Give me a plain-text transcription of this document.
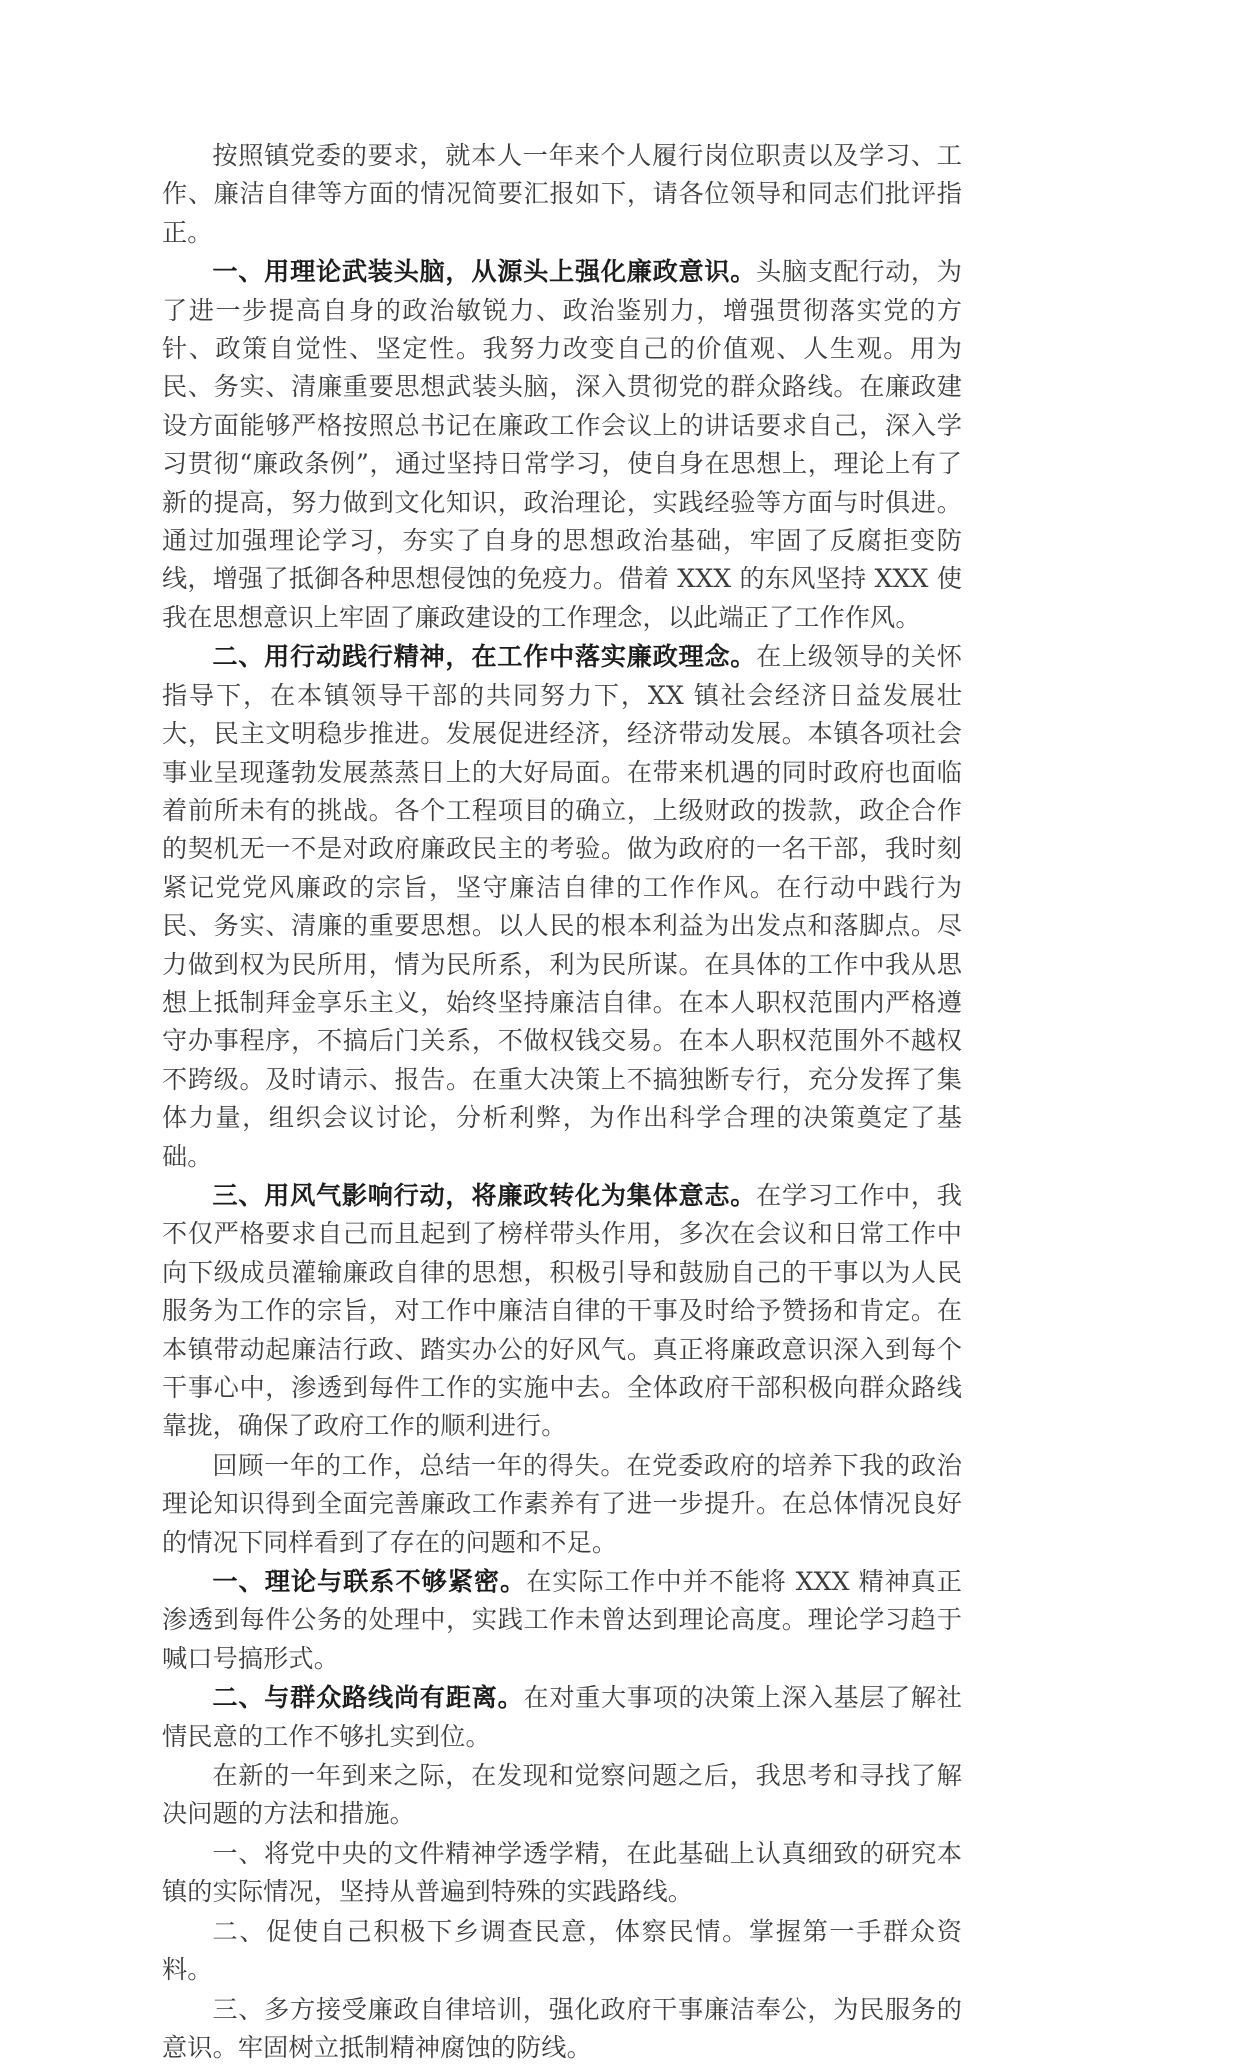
按照镇党委的要求，就本人一年来个人履行岗位职责以及学习、工作、廉洁自律等方面的情况简要汇报如下，请各位领导和同志们批评指正。

一、用理论武装头脑，从源头上强化廉政意识。头脑支配行动，为了进一步提高自身的政治敏锐力、政治鉴别力，增强贯彻落实党的方针、政策自觉性、坚定性。我努力改变自己的价值观、人生观。用为民、务实、清廉重要思想武装头脑，深入贯彻党的群众路线。在廉政建设方面能够严格按照总书记在廉政工作会议上的讲话要求自己，深入学习贯彻“廉政条例”，通过坚持日常学习，使自身在思想上，理论上有了新的提高，努力做到文化知识，政治理论，实践经验等方面与时俱进。通过加强理论学习，夯实了自身的思想政治基础，牢固了反腐拒变防线，增强了抵御各种思想侵蚀的免疫力。借着 XXX 的东风坚持 XXX 使我在思想意识上牢固了廉政建设的工作理念，以此端正了工作作风。

二、用行动践行精神，在工作中落实廉政理念。在上级领导的关怀指导下，在本镇领导干部的共同努力下，XX 镇社会经济日益发展壮大，民主文明稳步推进。发展促进经济，经济带动发展。本镇各项社会事业呈现蓬勃发展蒸蒸日上的大好局面。在带来机遇的同时政府也面临着前所未有的挑战。各个工程项目的确立，上级财政的拨款，政企合作的契机无一不是对政府廉政民主的考验。做为政府的一名干部，我时刻紧记党党风廉政的宗旨，坚守廉洁自律的工作作风。在行动中践行为民、务实、清廉的重要思想。以人民的根本利益为出发点和落脚点。尽力做到权为民所用，情为民所系，利为民所谋。在具体的工作中我从思想上抵制拜金享乐主义，始终坚持廉洁自律。在本人职权范围内严格遵守办事程序，不搞后门关系，不做权钱交易。在本人职权范围外不越权不跨级。及时请示、报告。在重大决策上不搞独断专行，充分发挥了集体力量，组织会议讨论，分析利弊，为作出科学合理的决策奠定了基础。

三、用风气影响行动，将廉政转化为集体意志。在学习工作中，我不仅严格要求自己而且起到了榜样带头作用，多次在会议和日常工作中向下级成员灌输廉政自律的思想，积极引导和鼓励自己的干事以为人民服务为工作的宗旨，对工作中廉洁自律的干事及时给予赞扬和肯定。在本镇带动起廉洁行政、踏实办公的好风气。真正将廉政意识深入到每个干事心中，渗透到每件工作的实施中去。全体政府干部积极向群众路线靠拢，确保了政府工作的顺利进行。

回顾一年的工作，总结一年的得失。在党委政府的培养下我的政治理论知识得到全面完善廉政工作素养有了进一步提升。在总体情况良好的情况下同样看到了存在的问题和不足。

一、理论与联系不够紧密。在实际工作中并不能将 XXX 精神真正渗透到每件公务的处理中，实践工作未曾达到理论高度。理论学习趋于喊口号搞形式。

二、与群众路线尚有距离。在对重大事项的决策上深入基层了解社情民意的工作不够扎实到位。

在新的一年到来之际，在发现和觉察问题之后，我思考和寻找了解决问题的方法和措施。

一、将党中央的文件精神学透学精，在此基础上认真细致的研究本镇的实际情况，坚持从普遍到特殊的实践路线。

二、促使自己积极下乡调查民意，体察民情。掌握第一手群众资料。

三、多方接受廉政自律培训，强化政府干事廉洁奉公，为民服务的意识。牢固树立抵制精神腐蚀的防线。
